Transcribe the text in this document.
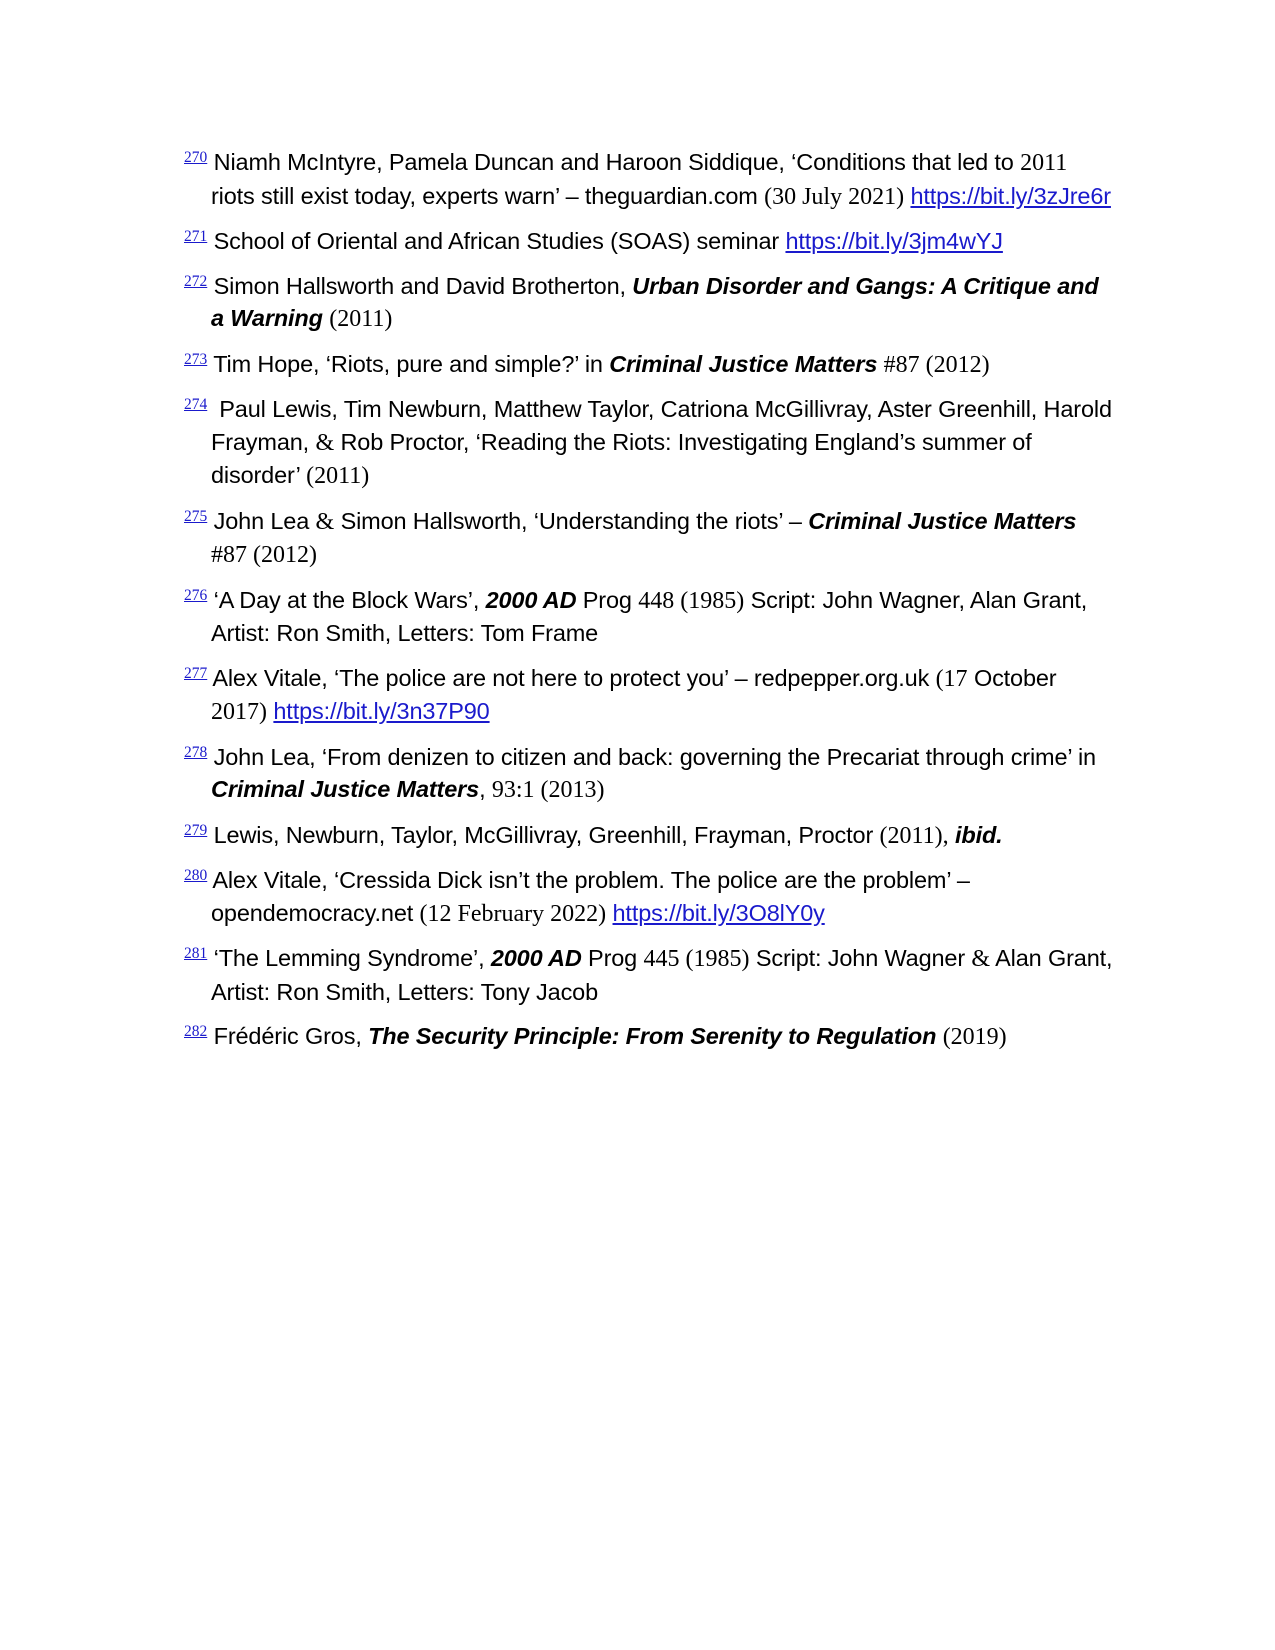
$^{270}$ Niamh McIntyre, Pamela Duncan and Haroon Siddique, ‘Conditions that led to 2011 riots still exist today, experts warn’ – theguardian.com (30 July 2021) https://bit.ly/3zJre6r

$^{271}$ School of Oriental and African Studies (SOAS) seminar https://bit.ly/3jm4wYJ

$^{272}$ Simon Hallsworth and David Brotherton, Urban Disorder and Gangs: A Critique and a Warning (2011)

$^{273}$ Tim Hope, ‘Riots, pure and simple?’ in Criminal Justice Matters #87 (2012)

$^{274}$ Paul Lewis, Tim Newburn, Matthew Taylor, Catriona McGillivray, Aster Greenhill, Harold Frayman, & Rob Proctor, ‘Reading the Riots: Investigating England’s summer of disorder’ (2011)

$^{275}$ John Lea & Simon Hallsworth, ‘Understanding the riots’ – Criminal Justice Matters #87 (2012)

$^{276}$ ‘A Day at the Block Wars’, 2000 AD Prog 448 (1985) Script: John Wagner, Alan Grant, Artist: Ron Smith, Letters: Tom Frame

$^{277}$ Alex Vitale, ‘The police are not here to protect you’ – redpepper.org.uk (17 October 2017) https://bit.ly/3n37P90

$^{278}$ John Lea, ‘From denizen to citizen and back: governing the Precariat through crime’ in Criminal Justice Matters, 93:1 (2013)

$^{279}$ Lewis, Newburn, Taylor, McGillivray, Greenhill, Frayman, Proctor (2011), ibid.

$^{280}$ Alex Vitale, ‘Cressida Dick isn’t the problem. The police are the problem’ – opendemocracy.net (12 February 2022) https://bit.ly/3O8lY0y

$^{281}$ ‘The Lemming Syndrome’, 2000 AD Prog 445 (1985) Script: John Wagner & Alan Grant, Artist: Ron Smith, Letters: Tony Jacob

$^{282}$ Frédéric Gros, The Security Principle: From Serenity to Regulation (2019)
